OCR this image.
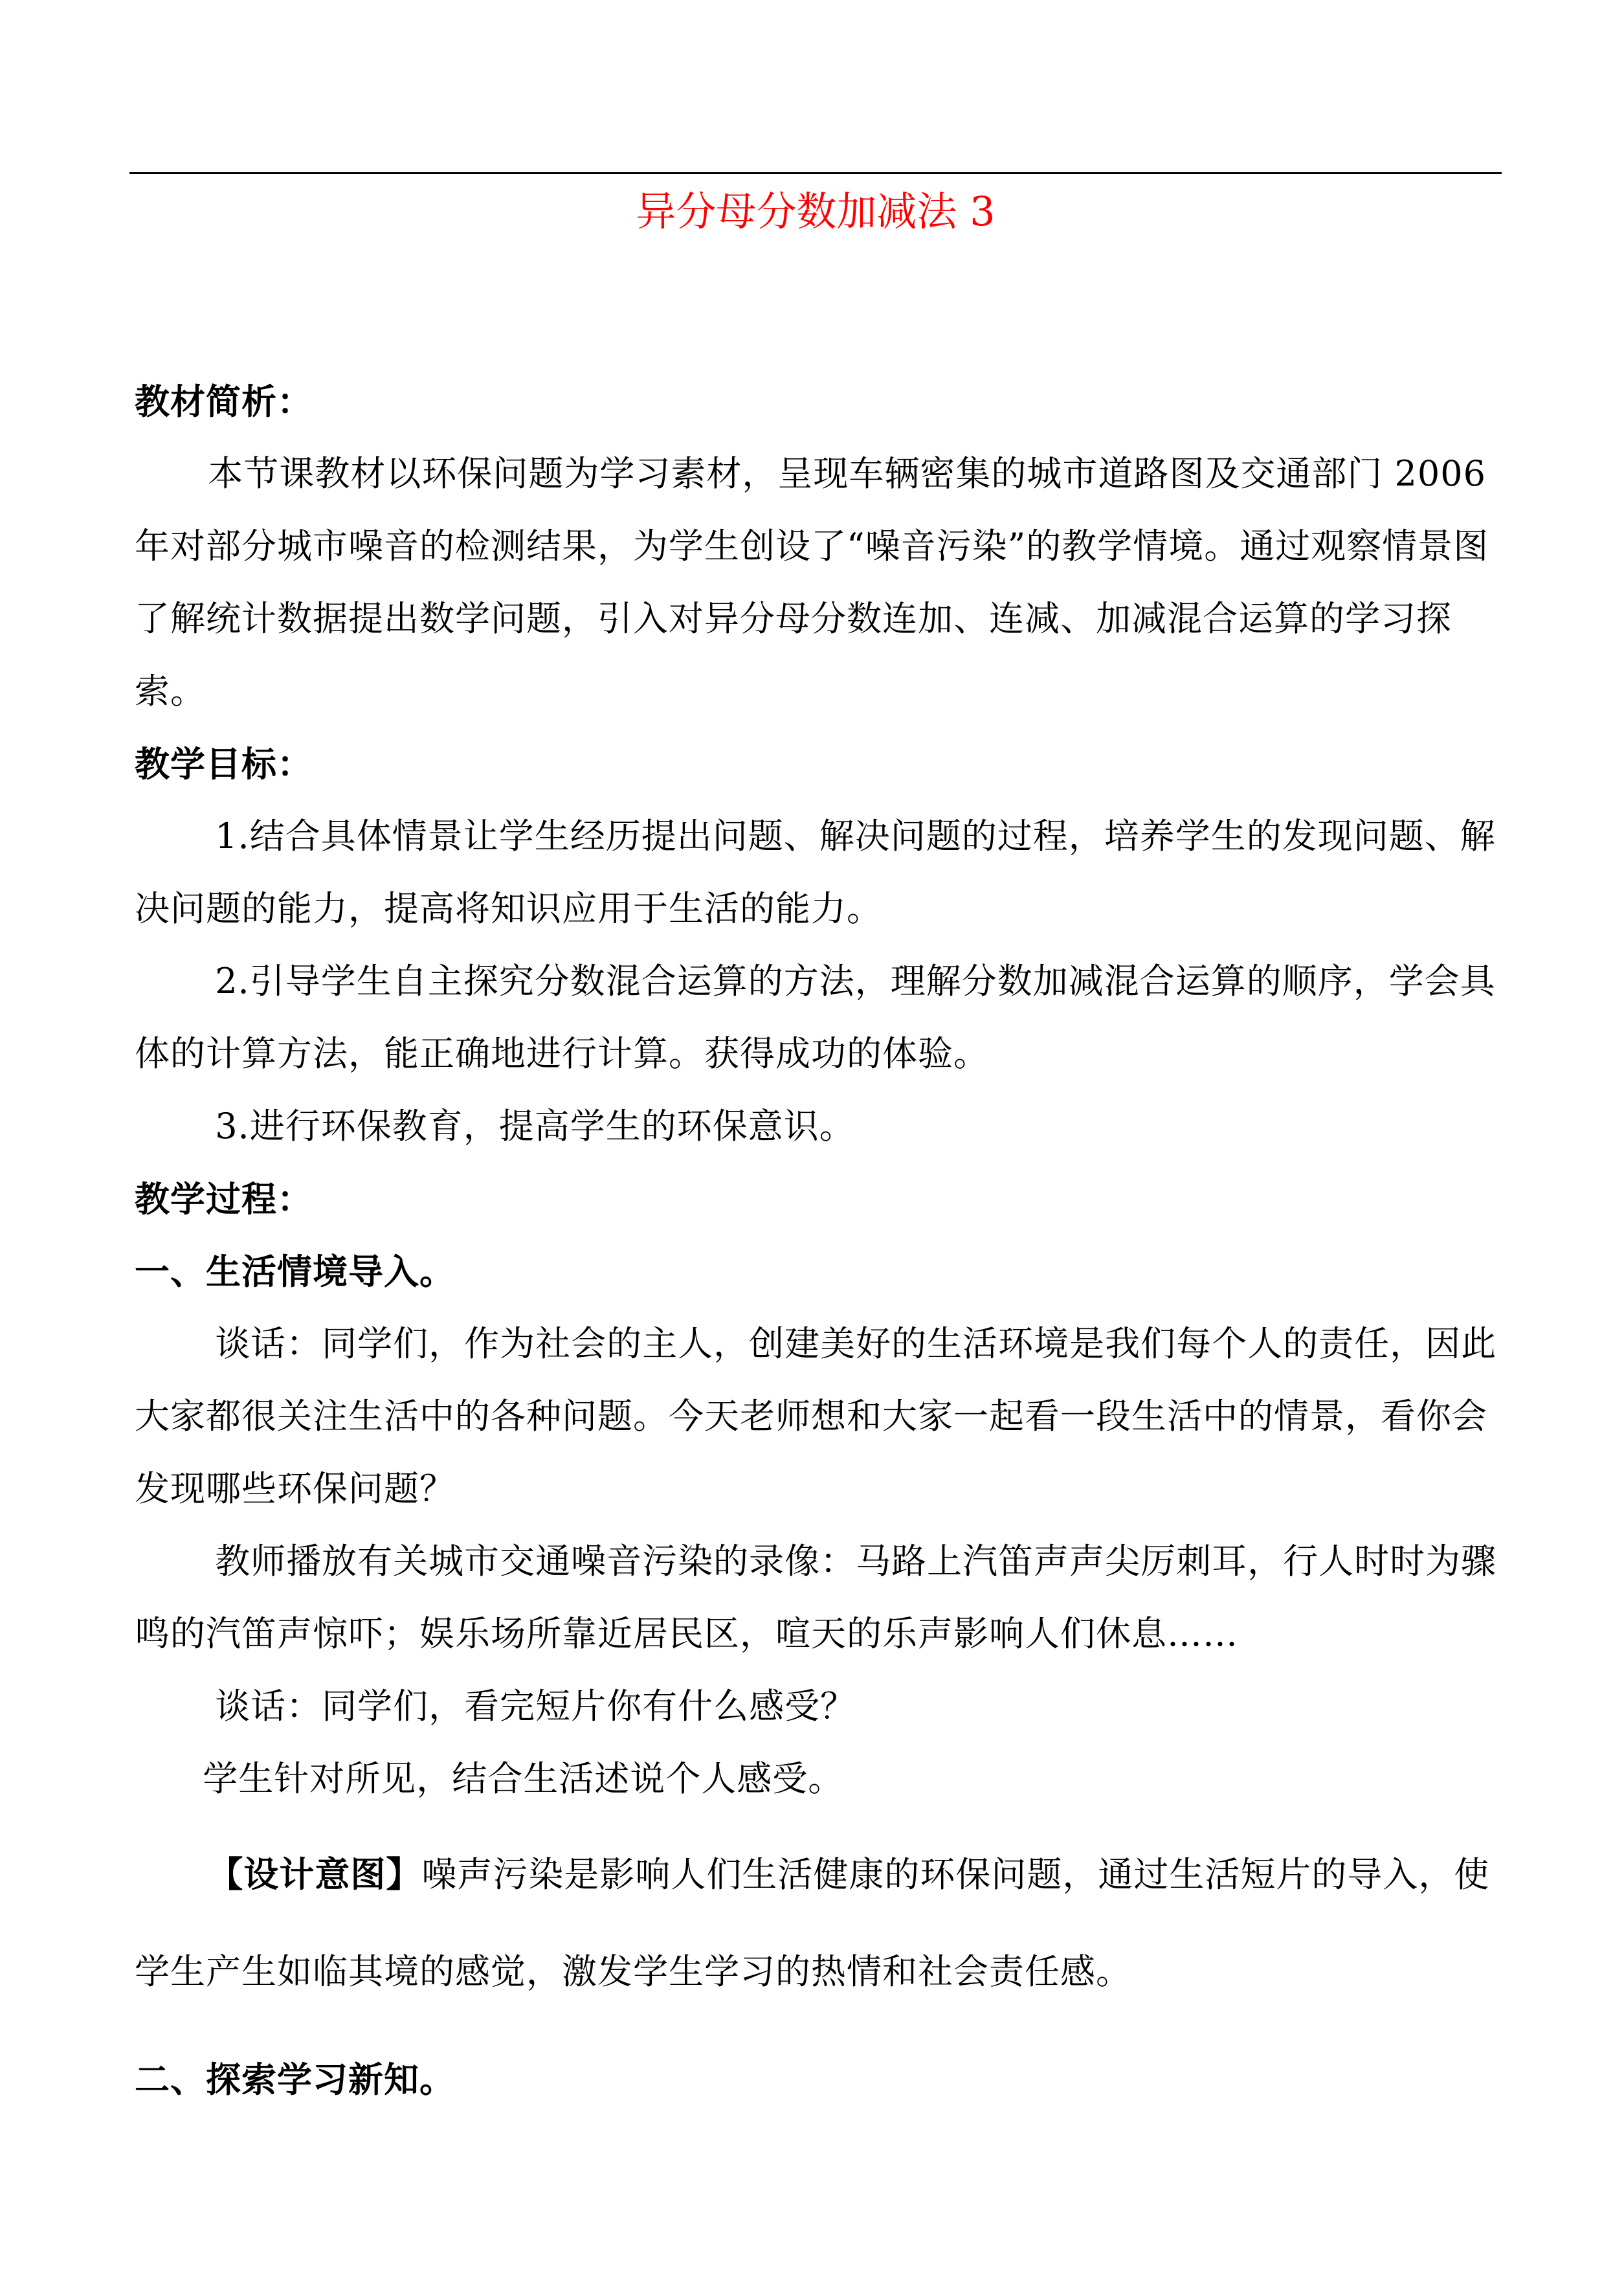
异分母分数加减法 3

教材简析：

本节课教材以环保问题为学习素材，呈现车辆密集的城市道路图及交通部门 2006 年对部分城市噪音的检测结果，为学生创设了“噪音污染”的教学情境。通过观察情景图了解统计数据提出数学问题，引入对异分母分数连加、连减、加减混合运算的学习探索。

教学目标：

1.结合具体情景让学生经历提出问题、解决问题的过程，培养学生的发现问题、解决问题的能力，提高将知识应用于生活的能力。

2.引导学生自主探究分数混合运算的方法，理解分数加减混合运算的顺序，学会具体的计算方法，能正确地进行计算。获得成功的体验。

3.进行环保教育，提高学生的环保意识。

教学过程：

一、生活情境导入。

谈话：同学们，作为社会的主人，创建美好的生活环境是我们每个人的责任，因此大家都很关注生活中的各种问题。今天老师想和大家一起看一段生活中的情景，看你会发现哪些环保问题？

教师播放有关城市交通噪音污染的录像：马路上汽笛声声尖厉刺耳，行人时时为骤鸣的汽笛声惊吓；娱乐场所靠近居民区，喧天的乐声影响人们休息……

谈话：同学们，看完短片你有什么感受？

学生针对所见，结合生活述说个人感受。

【设计意图】噪声污染是影响人们生活健康的环保问题，通过生活短片的导入，使学生产生如临其境的感觉，激发学生学习的热情和社会责任感。

二、探索学习新知。
